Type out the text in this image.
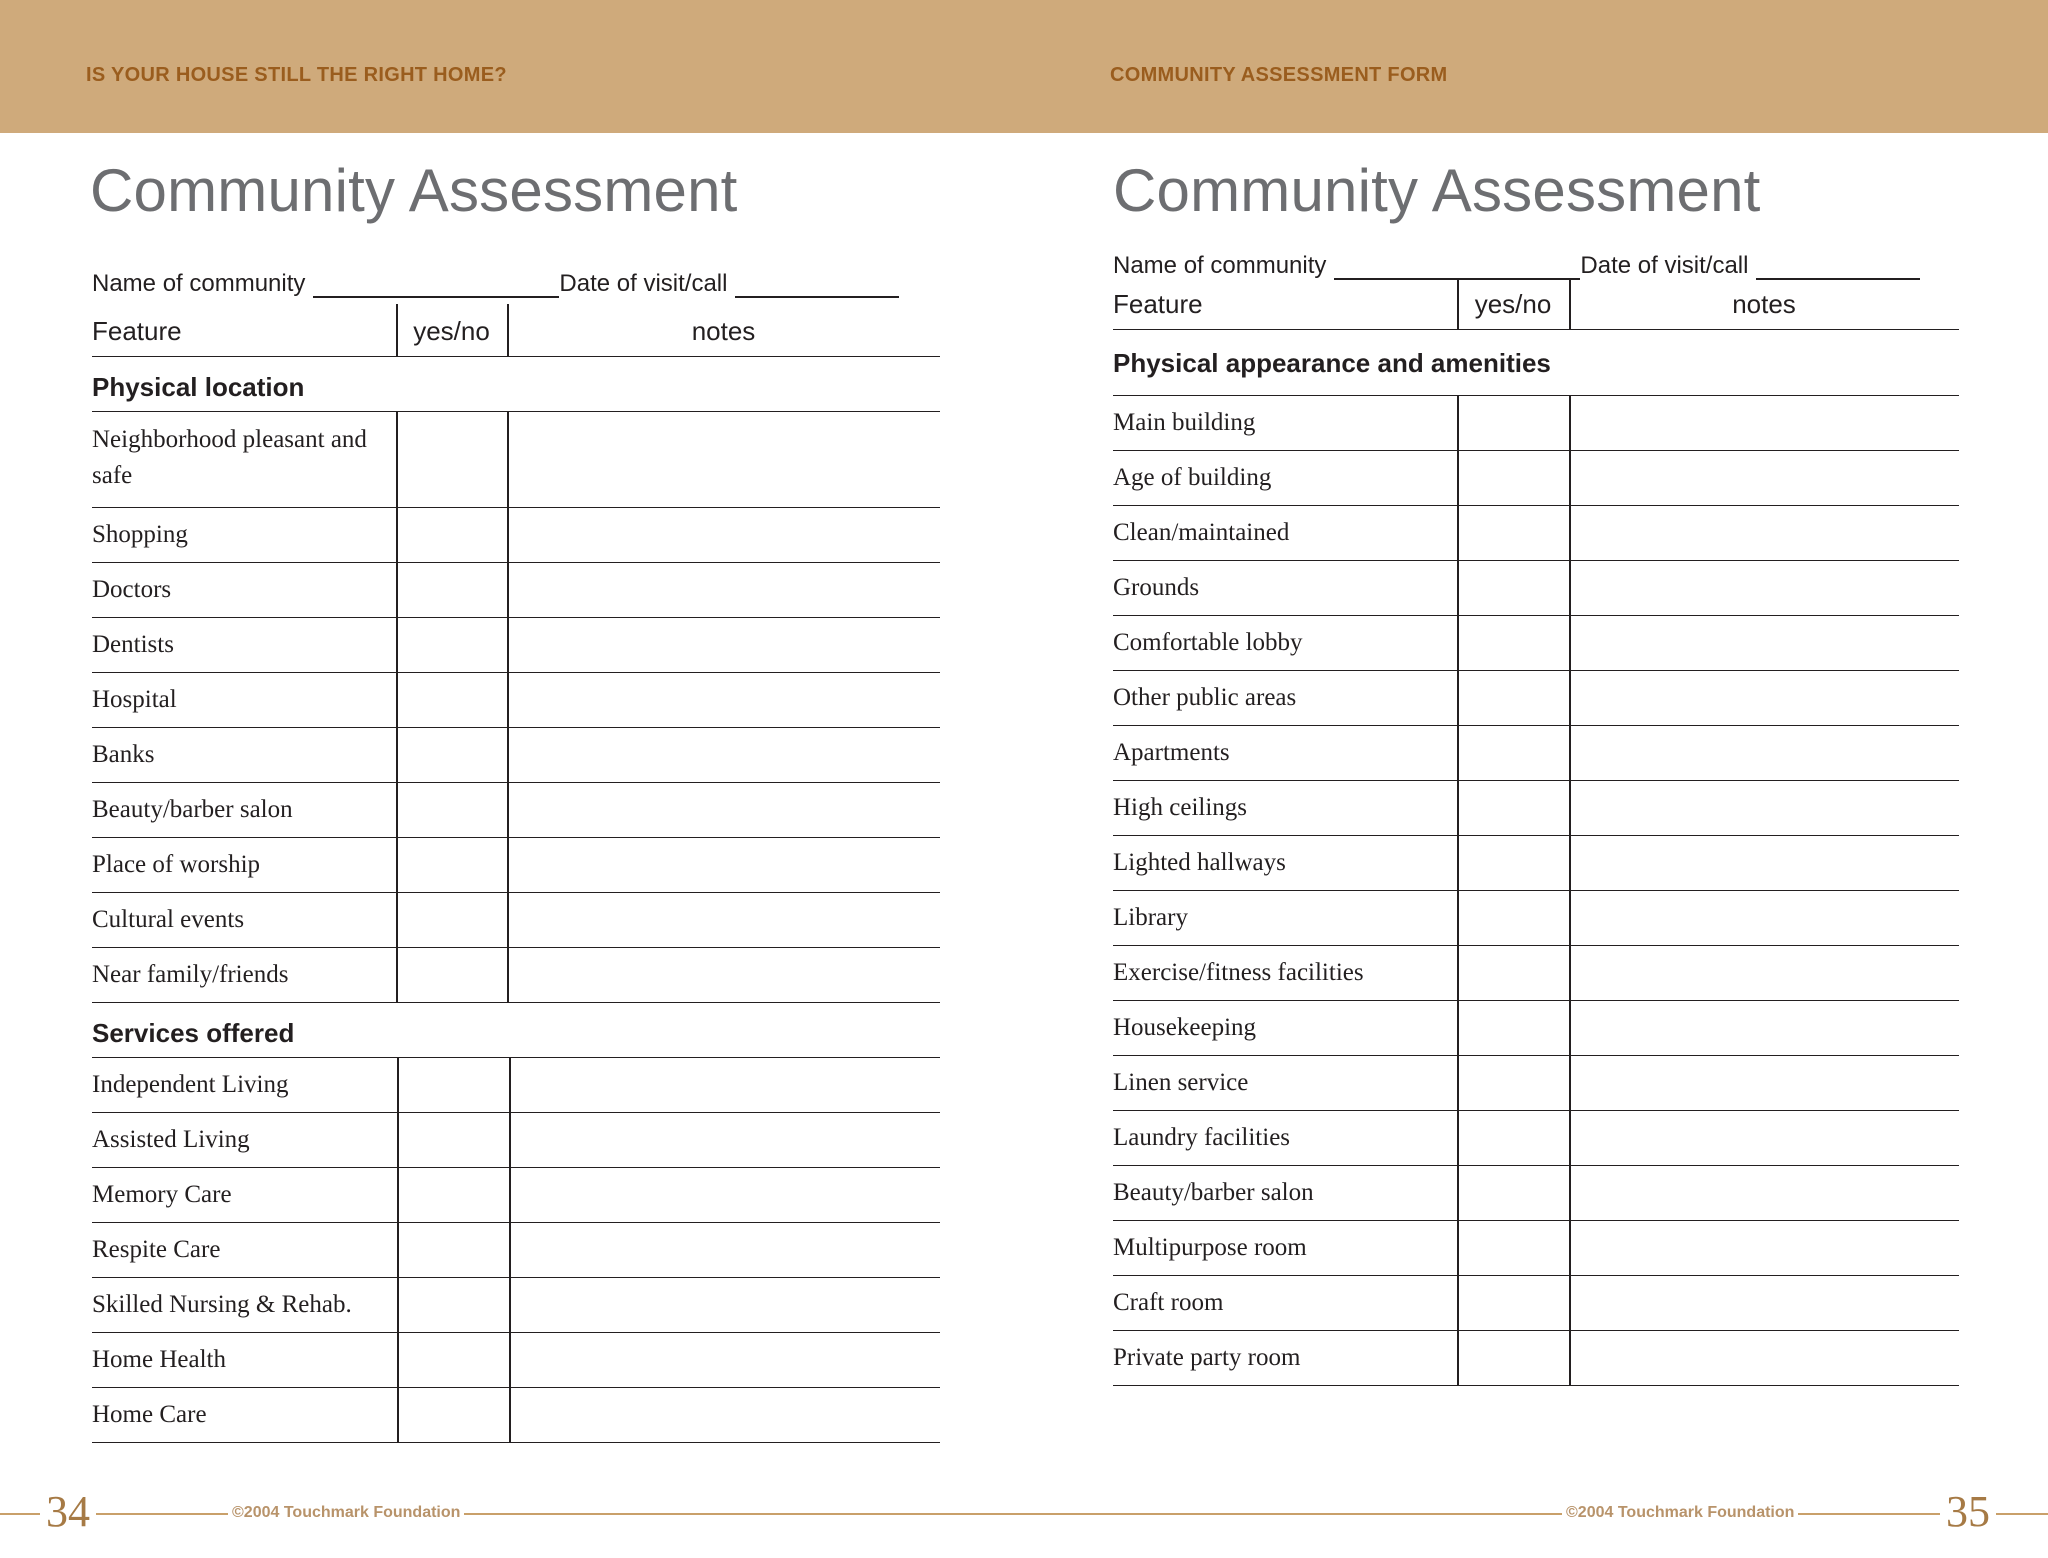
IS YOUR HOUSE STILL THE RIGHT HOME?	COMMUNITY ASSESSMENT FORM
Community Assessment
Name of community	Date of visit/call
Feature	yes/no	notes
Physical location
Neighborhood pleasant and safe
Shopping
Doctors
Dentists
Hospital
Banks
Beauty/barber salon
Place of worship
Cultural events
Near family/friends
Services offered
Independent Living
Assisted Living
Memory Care
Respite Care
Skilled Nursing & Rehab.
Home Health
Home Care
Community Assessment
Name of community	Date of visit/call
Feature	yes/no	notes
Physical appearance and amenities
Main building
Age of building
Clean/maintained
Grounds
Comfortable lobby
Other public areas
Apartments
High ceilings
Lighted hallways
Library
Exercise/fitness facilities
Housekeeping
Linen service
Laundry facilities
Beauty/barber salon
Multipurpose room
Craft room
Private party room
34	©2004 Touchmark Foundation	©2004 Touchmark Foundation	35
